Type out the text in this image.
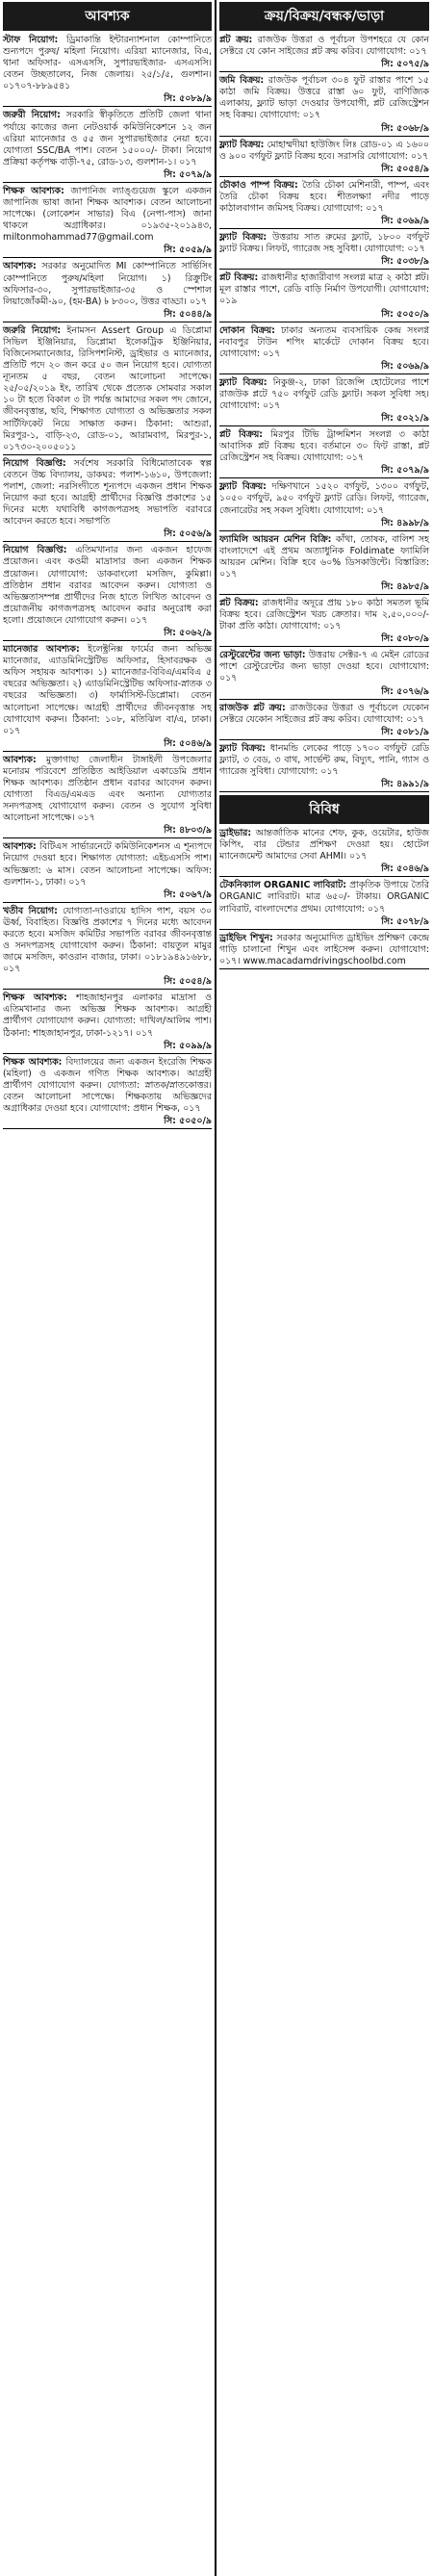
আবশ্যক

স্টাফ নিয়োগ: ড্রিমাকান্তি ইন্টারন্যাশনাল কোম্পানিতে শুন্যপদে পুরুষ/ মহিলা নিয়োগ। এরিয়া ম্যানেজার, বিএ, থানা অফিসার- এসএসসি, সুপারভাইজার- এসএসসি। বেতন উচ্ছতালেব, নিজ জেলায়। ২৫/১/৫, গুলশান। ০১৭০৭-৮৮৯৫৪১

সি: ৫০৮৯/৯

জরুরী নিয়োগ: সরকারি স্বীকৃতিতে প্রতিটি জেলা থানা পর্যায়ে কাজের জন্য নেটওয়ার্ক কমিউনিকেশনে ১২ জন এরিয়া ম্যানেজার ও ৫৫ জন সুপারভাইজার নেয়া হবে। যোগ্যতা SSC/BA পাশ। বেতন ১৫০০০/- টাকা। নিয়োগ প্রক্রিয়া কর্তৃপক্ষ বাড়ী-৭৫, রোড-১৩, গুলশান-১। ০১৭

সি: ৫০৭৯/৯

শিক্ষক আবশ্যক: জাপানিজ ল্যাঙ্গুয়েজ স্কুলে একজন জাপানিজ ভাষা জানা শিক্ষক আবশ্যক। বেতন আলোচনা সাপেক্ষে। (লোকেশন সাভার) বিএ (নেপা-পাস) জানা থাকলে অগ্রাধিকার। ০১৯৩৫-২০১৯৪৩, miltonmohammad77@gmail.com

সি: ৫০৫৯/৯

আবশ্যক: সরকার অনুমোদিত MI কোম্পানিতে সার্ভিসিং কোম্পানিতে পুরুষ/মহিলা নিয়োগ। ১) রিক্রুটিং অফিসার-৩০, সুপারভাইজার-৩৫ ও স্পেশাল লিয়াজোঁকমী-৯০, (হম-BA) ৳ ৮৩০০, উত্তর বাড্ডা। ০১৭

সি: ৫০৪৪/৯

জরুরি নিয়োগ: ইনামসন Assert Group এ ডিপ্লোমা সিভিল ইঞ্জিনিয়ার, ডিপ্লোমা ইলেকট্রিক ইঞ্জিনিয়ার, বিজিনেসম্যানেজার, রিসিপশনিস্ট, ড্রাইভার ও ম্যানেজার, প্রতিটি পদে ২০ জন করে ৫০ জন নিয়োগ হবে। যোগ্যতা ন্যূনতম ৫ বছর, বেতন আলোচনা সাপেক্ষে। ২৫/০৫/২০১৯ ইং, তারিখ থেকে প্রত্যেক সোমবার সকাল ১০ টা হতে বিকাল ৩ টা পর্যন্ত আমাদের সকল পদ জোনে, জীবনবৃত্তান্ত, ছবি, শিক্ষাগত যোগ্যতা ও অভিজ্ঞতার সকল সার্টিফিকেট নিয়ে সাক্ষাত করুন। ঠিকানা: আশুরা, মিরপুর-১, বাড়ি-২৩, রোড-০১, আরামবাগ, মিরপুর-১, ০১৭৩০-২০০৫০১১

নিয়োগ বিজ্ঞপ্তি: সর্বশেষ সরকারি বিধিমোতাবেক স্বল্প বেতনে উচ্চ বিদ্যালয়, ডাকঘর: পলাশ-১৬১০, উপজেলা: পলাশ, জেলা: নরসিংদীতে শূন্যপদে একজন প্রধান শিক্ষক নিয়োগ করা হবে। আগ্রহী প্রার্থীদের বিজ্ঞপ্তি প্রকাশের ১৫ দিনের মধ্যে যথাবিধি কাগজপত্রসহ সভাপতি বরাবরে আবেদন করতে হবে। সভাপতি

সি: ৫০৫৬/৯

নিয়োগ বিজ্ঞপ্তি: এতিমখানার জন্য একজন হাফেজ প্রয়োজন। এবং কওমী মাদ্রাসার জন্য একজন শিক্ষক প্রয়োজন। যোগাযোগ: ডাকবাংলো মসজিদ, কুমিল্লা। প্রতিষ্ঠান প্রধান বরাবর আবেদন করুন। যোগ্যতা ও অভিজ্ঞতাসম্পন্ন প্রার্থীদের নিজ হাতে লিখিত আবেদন ও প্রয়োজনীয় কাগজপত্রসহ আবেদন করার অনুরোধ করা হলো। প্রয়োজনে যোগাযোগ করুন। ০১৭

সি: ৫০৬২/৯

ম্যানেজার আবশ্যক: ইলেক্ট্রনিক্স ফার্মের জন্য অভিজ্ঞ ম্যানেজার, এ্যাডমিনিস্ট্রেটিভ অফিসার, হিসাবরক্ষক ও অফিস সহায়ক আবশ্যক। ১) ম্যানেজার-বিবিএ/এমবিএ ৫ বছরের অভিজ্ঞতা। ২) এ্যাডমিনিস্ট্রেটিভ অফিসার-স্নাতক ৩ বছরের অভিজ্ঞতা। ৩) ফার্মাসিস্ট-ডিপ্লোমা। বেতন আলোচনা সাপেক্ষে। আগ্রহী প্রার্থীদের জীবনবৃত্তান্ত সহ যোগাযোগ করুন। ঠিকানা: ১০৮, মতিঝিল বা/এ, ঢাকা। ০১৭

সি: ৫০৪৬/৯

আবশ্যক: মুক্তাগাছা জেলাধীন টাঙ্গাইলী উপজেলার মনোরম পরিবেশে প্রতিষ্ঠিত আইডিয়াল একাডেমি প্রধান শিক্ষক আবশ্যক। প্রতিষ্ঠান প্রধান বরাবর আবেদন করুন। যোগ্যতা বিএড/এমএড এবং অন্যান্য যোগ্যতার সনদপত্রসহ যোগাযোগ করুন। বেতন ও সুযোগ সুবিধা আলোচনা সাপেক্ষে। ০১৭

সি: ৪৮০৩/৯

আবশ্যক: বিটিএস সার্ভারনেটে কমিউনিকেশনস এ শূন্যপদে নিয়োগ দেওয়া হবে। শিক্ষাগত যোগ্যতা: এইচএসসি পাশ। অভিজ্ঞতা: ৬ মাস। বেতন আলোচনা সাপেক্ষে। অফিস: গুলশান-১, ঢাকা। ০১৭

সি: ৫০৬৭/৯

খতীব নিয়োগ: যোগ্যতা-দাওরায়ে হাদিস পাশ, বয়স ৩০ ঊর্ধ্ব, বিবাহিত। বিজ্ঞপ্তি প্রকাশের ৭ দিনের মধ্যে আবেদন করতে হবে। মসজিদ কমিটির সভাপতি বরাবর জীবনবৃত্তান্ত ও সনদপত্রসহ যোগাযোগ করুন। ঠিকানা: বায়তুল মামুর জামে মসজিদ, কাওরান বাজার, ঢাকা। ০১৮১৯৪৯১৬৮৮, ০১৭

সি: ৫০৫৪/৯

শিক্ষক আবশ্যক: শাহজাহানপুর এলাকার মাদ্রাসা ও এতিমখানার জন্য অভিজ্ঞ শিক্ষক আবশ্যক। আগ্রহী প্রার্থীগণ যোগাযোগ করুন। যোগ্যতা: দাখিল/আলিম পাশ। ঠিকানা: শাহজাহানপুর, ঢাকা-১২১৭। ০১৭

সি: ৫০৯৯/৯

শিক্ষক আবশ্যক: বিদ্যালয়ের জন্য একজন ইংরেজি শিক্ষক (মহিলা) ও একজন গণিত শিক্ষক আবশ্যক। আগ্রহী প্রার্থীগণ যোগাযোগ করুন। যোগ্যতা: স্নাতক/স্নাতকোত্তর। বেতন আলোচনা সাপেক্ষে। শিক্ষকতায় অভিজ্ঞদের অগ্রাধিকার দেওয়া হবে। যোগাযোগ: প্রধান শিক্ষক, ০১৭

সি: ৫০৫০/৯
ক্রয়/বিক্রয়/বন্ধক/ভাড়া

প্লট ক্রয়: রাজউক উত্তরা ও পূর্বাচল উপশহরে যে কোন সেক্টরে যে কোন সাইজের প্লট ক্রয় করিব। যোগাযোগ: ০১৭

সি: ৫০৭৫/৯

জমি বিক্রয়: রাজউক পূর্বাচল ৩০৪ ফুট রাস্তার পাশে ১৫ কাঠা জমি বিক্রয়। উত্তরে রাস্তা ৬০ ফুট, বাণিজ্যিক এলাকায়, ফ্ল্যাট ভাড়া দেওয়ার উপযোগী, প্লট রেজিস্ট্রেশন সহ বিক্রয়। যোগাযোগ: ০১৭

সি: ৫০৬৮/৯

ফ্ল্যাট বিক্রয়: মোহাম্মদীয়া হাউজিং লিঃ রোড-০১ এ ১৬০০ ও ৯০০ বর্গফুট ফ্ল্যাট বিক্রয় হবে। সরাসরি যোগাযোগ: ০১৭

সি: ৫০৫৪/৯

চৌকাও পাম্প বিক্রয়: তৈরি চৌকা মেশিনারী, পাম্প, এবং তৈরি চৌকা বিক্রয় হবে। শীতলক্ষ্যা নদীর পাড়ে কাঠালবাগান জমিসহ বিক্রয়। যোগাযোগ: ০১৭

সি: ৫০৬৯/৯

ফ্ল্যাট বিক্রয়: উত্তরায় সাত রুমের ফ্ল্যাট, ১৮০০ বর্গফুট ফ্ল্যাট বিক্রয়। লিফট, গ্যারেজ সহ সুবিধা। যোগাযোগ: ০১৭

সি: ৫০৩৮/৯

প্লট বিক্রয়: রাজধানীর হাজারীবাগ সংলগ্ন মাত্র ২ কাঠা প্লট। মূল রাস্তার পাশে, রেডি বাড়ি নির্মাণ উপযোগী। যোগাযোগ: ০১৯

সি: ৫০৫০/৯

দোকান বিক্রয়: ঢাকার অন্যতম ব্যবসায়িক কেন্দ্র সংলগ্ন নবাবপুর টাউন শপিং মার্কেটে দোকান বিক্রয় হবে। যোগাযোগ: ০১৭

সি: ৫০৬৯/৯

ফ্ল্যাট বিক্রয়: নিকুঞ্জ-২, ঢাকা রিজেন্সি হোটেলের পাশে রাজউক প্লটে ৭৫০ বর্গফুট রেডি ফ্ল্যাট। সকল সুবিধা সহ। যোগাযোগ: ০১৭

সি: ৫০২১/৯

প্লট বিক্রয়: মিরপুর টিভি ট্রান্সমিশন সংলগ্ন ৩ কাঠা আবাসিক প্লট বিক্রয় হবে। বর্তমানে ৩০ ফিট রাস্তা, প্লট রেজিস্ট্রেশন সহ বিক্রয়। যোগাযোগ: ০১৭

সি: ৫০৭৯/৯

ফ্ল্যাট বিক্রয়: দক্ষিণখানে ১৫২০ বর্গফুট, ১৩০০ বর্গফুট, ১০৫০ বর্গফুট, ৯৫০ বর্গফুট ফ্ল্যাট রেডি। লিফট, গ্যারেজ, জেনারেটর সহ সকল সুবিধা। যোগাযোগ: ০১৭

সি: ৪৯৯৮/৯

ফ্যামিলি আয়রন মেশিন বিক্রি: কাঁথা, তোষক, বালিশ সহ বাংলাদেশে এই প্রথম অত্যাধুনিক Foldimate ফ্যামিলি আয়রন মেশিন। বিক্রি হবে ৬০% ডিসকাউন্টে। বিস্তারিত: ০১৭

সি: ৪৯৮৫/৯

প্লট বিক্রয়: রাজধানীর অদূরে প্রায় ১৮০ কাঠা সমতল ভূমি বিক্রয় হবে। রেজিস্ট্রেশন খরচ ক্রেতার। দাম ২,৫০,০০০/- টাকা প্রতি কাঠা। যোগাযোগ: ০১৭

সি: ৫০৮০/৯

রেস্টুরেন্টের জন্য ভাড়া: উত্তরায় সেক্টর-৭ এ মেইন রোডের পাশে রেস্টুরেন্টের জন্য ভাড়া দেওয়া হবে। যোগাযোগ: ০১৭

সি: ৫০৭৬/৯

রাজউক প্লট ক্রয়: রাজউকের উত্তরা ও পূর্বাচলে যেকোন সেক্টরে যেকোন সাইজের প্লট ক্রয় করিব। যোগাযোগ: ০১৭

সি: ৫০৮১/৯

ফ্ল্যাট বিক্রয়: ধানমন্ডি লেকের পাড়ে ১৭০০ বর্গফুট রেডি ফ্ল্যাট, ৩ বেড, ৩ বাথ, সার্ভেন্ট রুম, বিদ্যুৎ, পানি, গ্যাস ও গ্যারেজ সুবিধা। যোগাযোগ: ০১৭

সি: ৪৯৯১/৯
বিবিধ

ড্রাইভার: আন্তর্জাতিক মানের শেফ, কুক, ওয়েটার, হাউজ কিপিং, বার টেন্ডার প্রশিক্ষণ দেওয়া হয়। হোটেল ম্যানেজমেন্ট আমাদের সেবা AHMI। ০১৭

সি: ৫০৪৬/৯

টেকনিক্যাল ORGANIC লাবিরাট: প্রাকৃতিক উপায়ে তৈরি ORGANIC লাবিরাট। মাত্র ৬৫০/- টাকায়। ORGANIC লাবিরাট, বাংলাদেশের প্রথম। যোগাযোগ: ০১৭

সি: ৫০৭৮/৯

ড্রাইভিং শিখুন: সরকার অনুমোদিত ড্রাইভিং প্রশিক্ষণ কেন্দ্রে গাড়ি চালানো শিখুন এবং লাইসেন্স করুন। যোগাযোগ: ০১৭। www.macadamdrivingschoolbd.com
